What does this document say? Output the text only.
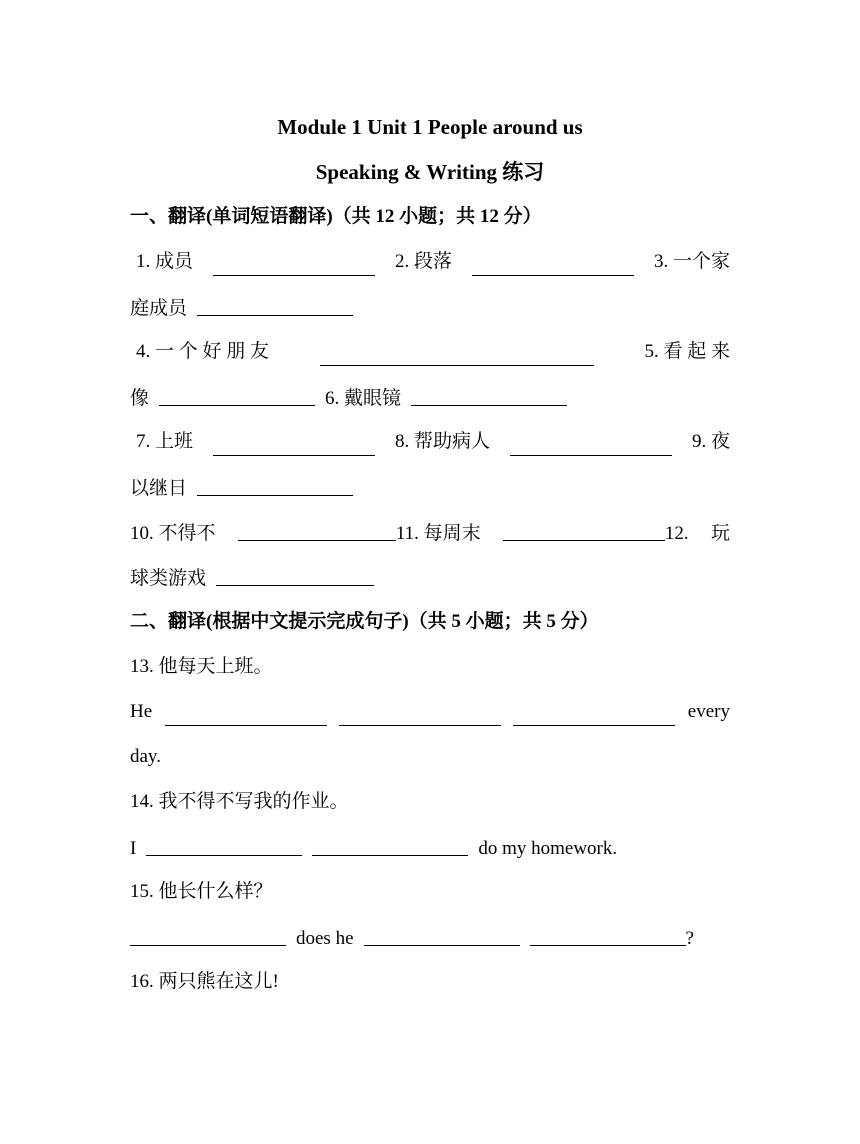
Module 1 Unit 1 People around us
Speaking & Writing 练习
一、翻译(单词短语翻译)（共 12 小题；共 12 分）
1. 成员	2. 段落	3. 一个家
庭成员
4. 一 个 好 朋 友	5. 看 起 来
像	6. 戴眼镜
7. 上班	8. 帮助病人	9. 夜
以继日
10. 不得不	11. 每周末	12. 玩
球类游戏
二、翻译(根据中文提示完成句子)（共 5 小题；共 5 分）
13. 他每天上班。
He	every
day.
14. 我不得不写我的作业。
I	do my homework.
15. 他长什么样？
does he	?
16. 两只熊在这儿!
